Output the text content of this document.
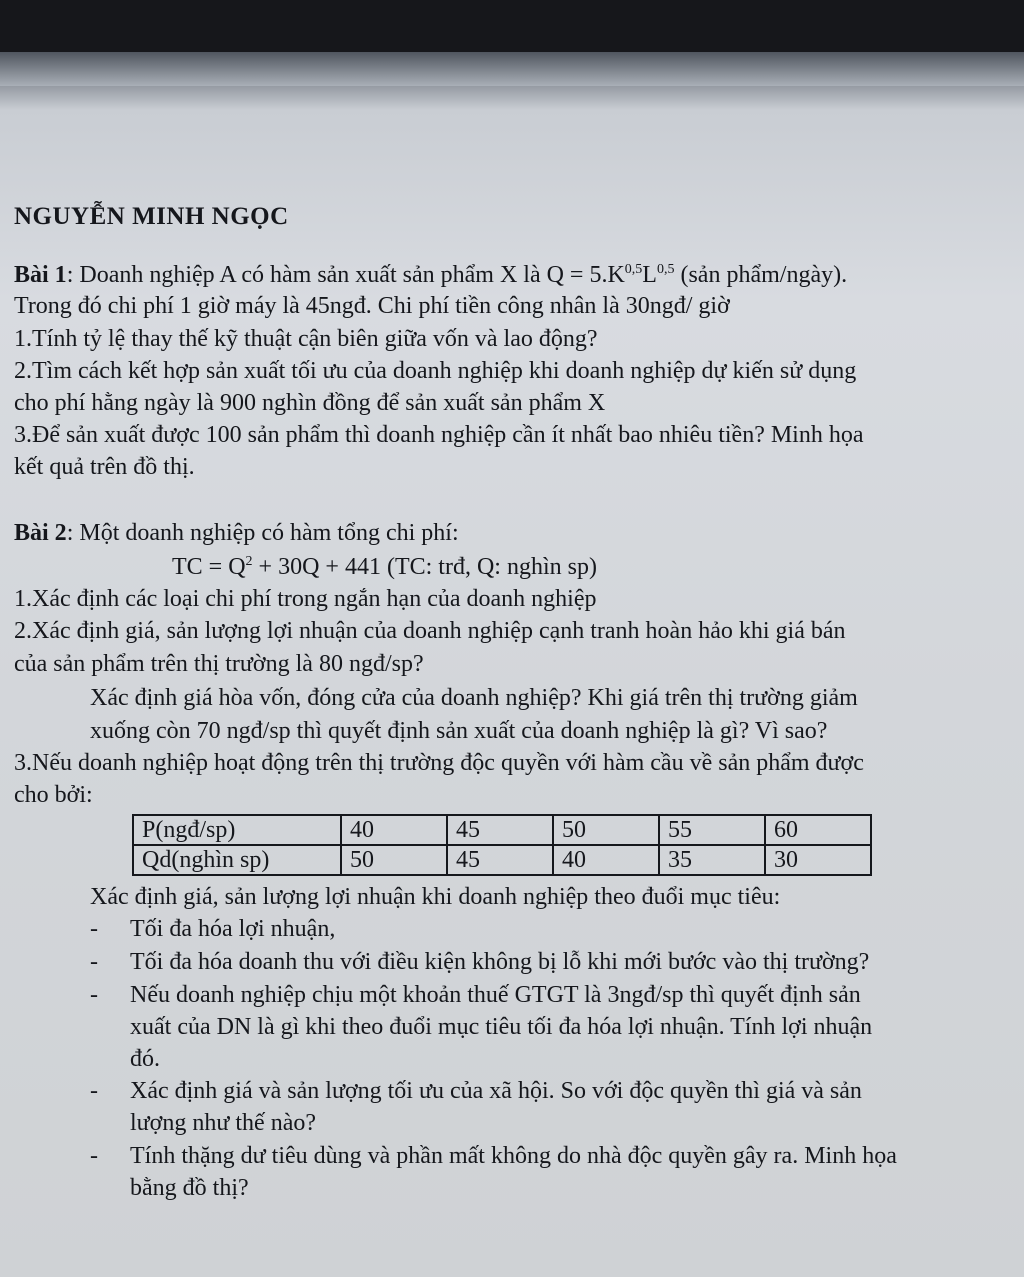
NGUYỄN MINH NGỌC
Bài 1: Doanh nghiệp A có hàm sản xuất sản phẩm X là $Q = 5.K^{0,5}L^{0,5}$ (sản phẩm/ngày).
Trong đó chi phí 1 giờ máy là 45ngđ. Chi phí tiền công nhân là 30ngđ/ giờ
1.Tính tỷ lệ thay thế kỹ thuật cận biên giữa vốn và lao động?
2.Tìm cách kết hợp sản xuất tối ưu của doanh nghiệp khi doanh nghiệp dự kiến sử dụng
cho phí hằng ngày là 900 nghìn đồng để sản xuất sản phẩm X
3.Để sản xuất được 100 sản phẩm thì doanh nghiệp cần ít nhất bao nhiêu tiền? Minh họa
kết quả trên đồ thị.
Bài 2: Một doanh nghiệp có hàm tổng chi phí:
TC = $Q^2 + 30Q + 441$ (TC: trđ, Q: nghìn sp)
1.Xác định các loại chi phí trong ngắn hạn của doanh nghiệp
2.Xác định giá, sản lượng lợi nhuận của doanh nghiệp cạnh tranh hoàn hảo khi giá bán
của sản phẩm trên thị trường là 80 ngđ/sp?
Xác định giá hòa vốn, đóng cửa của doanh nghiệp? Khi giá trên thị trường giảm
xuống còn 70 ngđ/sp thì quyết định sản xuất của doanh nghiệp là gì? Vì sao?
3.Nếu doanh nghiệp hoạt động trên thị trường độc quyền với hàm cầu về sản phẩm được
cho bởi:
P(ngđ/sp)	40	45	50	55	60
Qd(nghìn sp)	50	45	40	35	30
Xác định giá, sản lượng lợi nhuận khi doanh nghiệp theo đuổi mục tiêu:
- Tối đa hóa lợi nhuận,
- Tối đa hóa doanh thu với điều kiện không bị lỗ khi mới bước vào thị trường?
- Nếu doanh nghiệp chịu một khoản thuế GTGT là 3ngđ/sp thì quyết định sản
xuất của DN là gì khi theo đuổi mục tiêu tối đa hóa lợi nhuận. Tính lợi nhuận
đó.
- Xác định giá và sản lượng tối ưu của xã hội. So với độc quyền thì giá và sản
lượng như thế nào?
- Tính thặng dư tiêu dùng và phần mất không do nhà độc quyền gây ra. Minh họa
bằng đồ thị?
